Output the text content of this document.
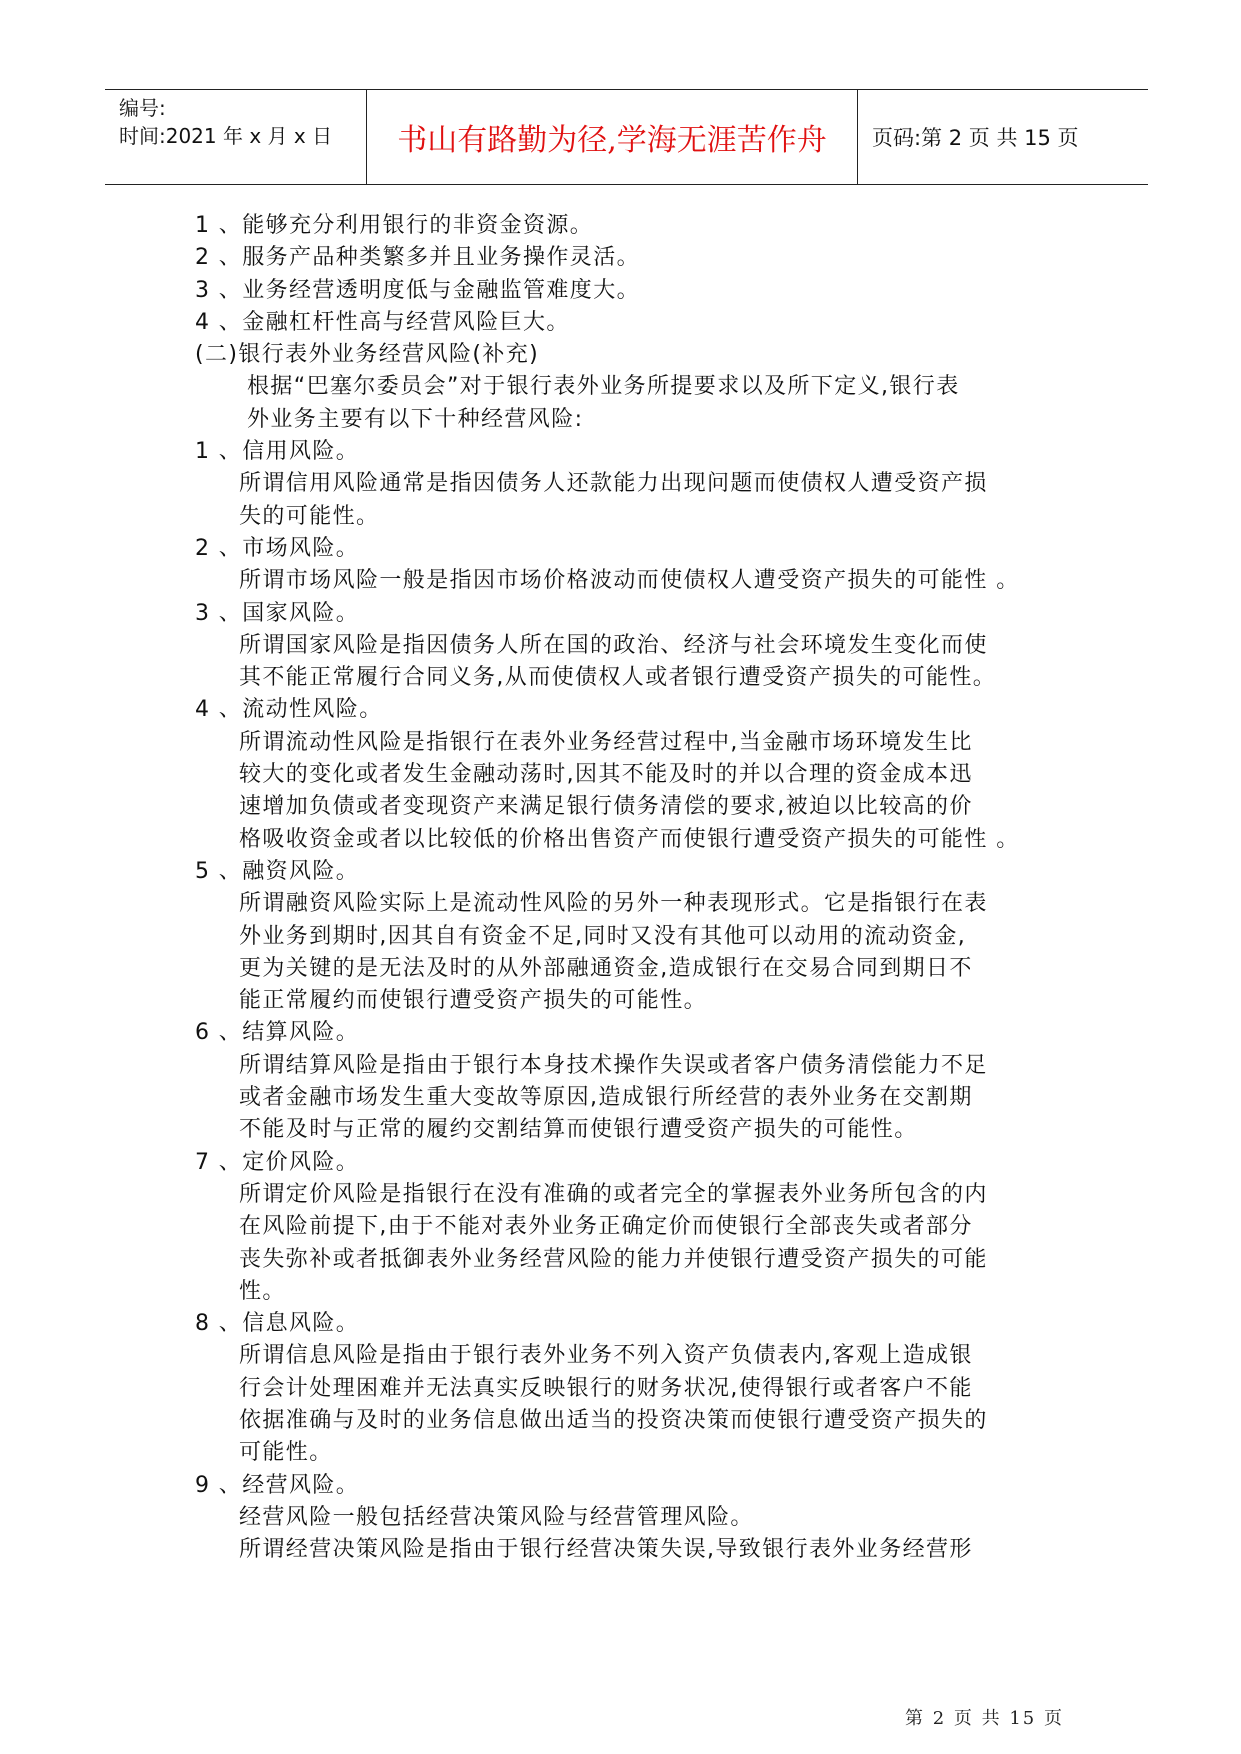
编号:
时间:2021 年 x 月 x 日	书山有路勤为径,学海无涯苦作舟	页码:第 2 页 共 15 页
1 、能够充分利用银行的非资金资源。
2 、服务产品种类繁多并且业务操作灵活。
3 、业务经营透明度低与金融监管难度大。
4 、金融杠杆性高与经营风险巨大。
(二)银行表外业务经营风险(补充)
根据“巴塞尔委员会”对于银行表外业务所提要求以及所下定义,银行表
外业务主要有以下十种经营风险:
1 、信用风险。
所谓信用风险通常是指因债务人还款能力出现问题而使债权人遭受资产损
失的可能性。
2 、市场风险。
所谓市场风险一般是指因市场价格波动而使债权人遭受资产损失的可能性 。
3 、国家风险。
所谓国家风险是指因债务人所在国的政治、经济与社会环境发生变化而使
其不能正常履行合同义务,从而使债权人或者银行遭受资产损失的可能性。
4 、流动性风险。
所谓流动性风险是指银行在表外业务经营过程中,当金融市场环境发生比
较大的变化或者发生金融动荡时,因其不能及时的并以合理的资金成本迅
速增加负债或者变现资产来满足银行债务清偿的要求,被迫以比较高的价
格吸收资金或者以比较低的价格出售资产而使银行遭受资产损失的可能性 。
5 、融资风险。
所谓融资风险实际上是流动性风险的另外一种表现形式。它是指银行在表
外业务到期时,因其自有资金不足,同时又没有其他可以动用的流动资金,
更为关键的是无法及时的从外部融通资金,造成银行在交易合同到期日不
能正常履约而使银行遭受资产损失的可能性。
6 、结算风险。
所谓结算风险是指由于银行本身技术操作失误或者客户债务清偿能力不足
或者金融市场发生重大变故等原因,造成银行所经营的表外业务在交割期
不能及时与正常的履约交割结算而使银行遭受资产损失的可能性。
7 、定价风险。
所谓定价风险是指银行在没有准确的或者完全的掌握表外业务所包含的内
在风险前提下,由于不能对表外业务正确定价而使银行全部丧失或者部分
丧失弥补或者抵御表外业务经营风险的能力并使银行遭受资产损失的可能
性。
8 、信息风险。
所谓信息风险是指由于银行表外业务不列入资产负债表内,客观上造成银
行会计处理困难并无法真实反映银行的财务状况,使得银行或者客户不能
依据准确与及时的业务信息做出适当的投资决策而使银行遭受资产损失的
可能性。
9 、经营风险。
经营风险一般包括经营决策风险与经营管理风险。
所谓经营决策风险是指由于银行经营决策失误,导致银行表外业务经营形
第 2 页 共 15 页
